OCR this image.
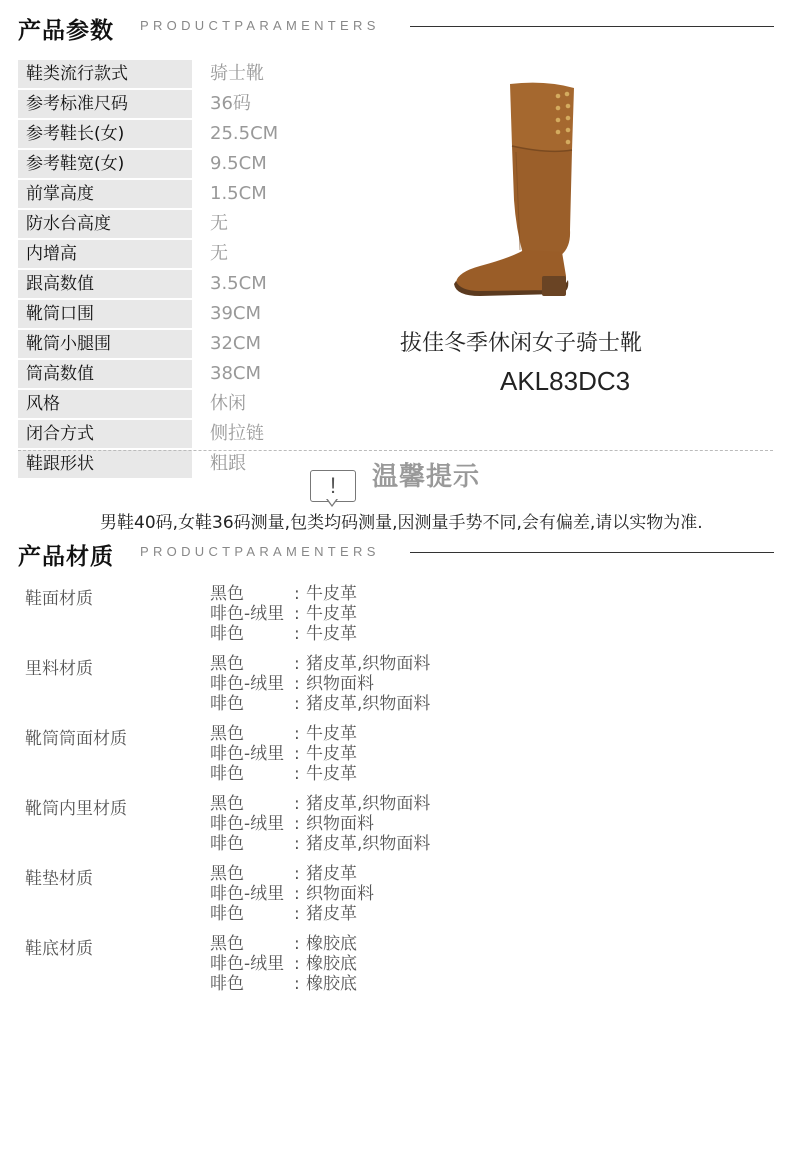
产品参数 PRODUCTPARAMENTERS
鞋类流行款式	骑士靴
参考标准尺码	36码
参考鞋长(女)	25.5CM
参考鞋宽(女)	9.5CM
前掌高度	1.5CM
防水台高度	无
内增高	无
跟高数值	3.5CM
靴筒口围	39CM
靴筒小腿围	32CM
筒高数值	38CM
风格	休闲
闭合方式	侧拉链
鞋跟形状	粗跟
拔佳冬季休闲女子骑士靴
AKL83DC3
!	温馨提示
男鞋40码,女鞋36码测量,包类均码测量,因测量手势不同,会有偏差,请以实物为准.
产品材质 PRODUCTPARAMENTERS
鞋面材质	黑色	: 牛皮革
啡色-绒里 : 牛皮革
啡色	: 牛皮革
里料材质	黑色	: 猪皮革,织物面料
啡色-绒里 : 织物面料
啡色	: 猪皮革,织物面料
靴筒筒面材质	黑色	: 牛皮革
啡色-绒里 : 牛皮革
啡色	: 牛皮革
靴筒内里材质	黑色	: 猪皮革,织物面料
啡色-绒里 : 织物面料
啡色	: 猪皮革,织物面料
鞋垫材质	黑色	: 猪皮革
啡色-绒里 : 织物面料
啡色	: 猪皮革
鞋底材质	黑色	: 橡胶底
啡色-绒里 : 橡胶底
啡色	: 橡胶底
